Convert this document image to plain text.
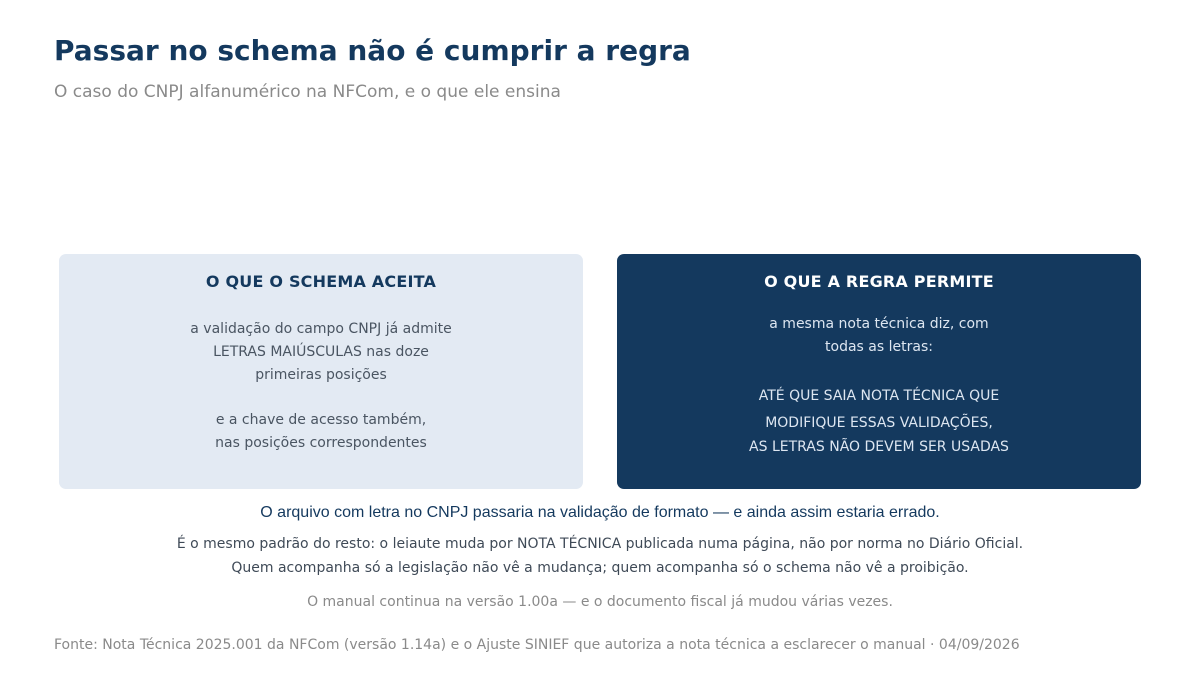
Passar no schema não é cumprir a regra

O caso do CNPJ alfanumérico na NFCom, e o que ele ensina

O QUE O SCHEMA ACEITA
a validação do campo CNPJ já admite
LETRAS MAIÚSCULAS nas doze
primeiras posições
e a chave de acesso também,
nas posições correspondentes
O QUE A REGRA PERMITE
a mesma nota técnica diz, com
todas as letras:
ATÉ QUE SAIA NOTA TÉCNICA QUE
MODIFIQUE ESSAS VALIDAÇÕES,
AS LETRAS NÃO DEVEM SER USADAS

O arquivo com letra no CNPJ passaria na validação de formato — e ainda assim estaria errado.

É o mesmo padrão do resto: o leiaute muda por NOTA TÉCNICA publicada numa página, não por norma no Diário Oficial.

Quem acompanha só a legislação não vê a mudança; quem acompanha só o schema não vê a proibição.

O manual continua na versão 1.00a — e o documento fiscal já mudou várias vezes.

Fonte: Nota Técnica 2025.001 da NFCom (versão 1.14a) e o Ajuste SINIEF que autoriza a nota técnica a esclarecer o manual · 04/09/2026
